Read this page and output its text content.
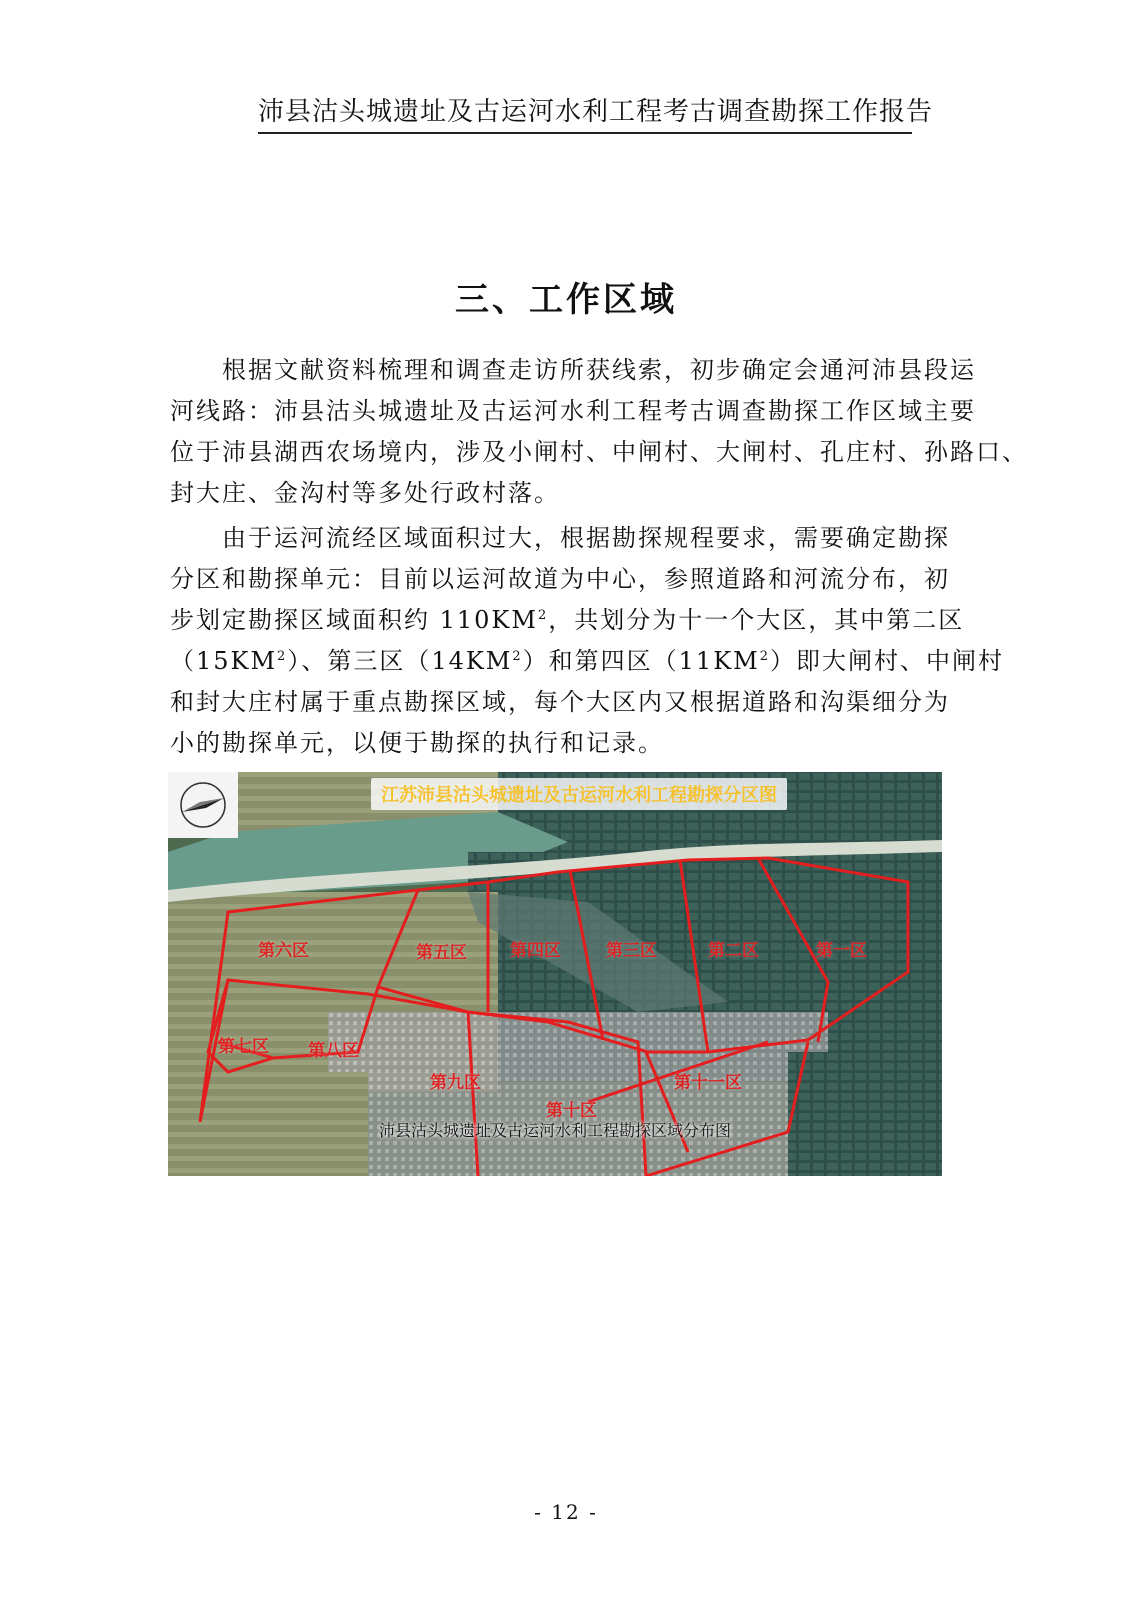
沛县沽头城遗址及古运河水利工程考古调查勘探工作报告
三、工作区域
根据文献资料梳理和调查走访所获线索，初步确定会通河沛县段运
河线路：沛县沽头城遗址及古运河水利工程考古调查勘探工作区域主要
位于沛县湖西农场境内，涉及小闸村、中闸村、大闸村、孔庄村、孙路口、
封大庄、金沟村等多处行政村落。
由于运河流经区域面积过大，根据勘探规程要求，需要确定勘探
分区和勘探单元：目前以运河故道为中心，参照道路和河流分布，初
步划定勘探区域面积约 $110KM^2$，共划分为十一个大区，其中第二区
$(15KM^2)$、第三区$(14KM^2)$和第四区$(11KM^2)$即大闸村、中闸村
和封大庄村属于重点勘探区域，每个大区内又根据道路和沟渠细分为
小的勘探单元，以便于勘探的执行和记录。
江苏沛县沽头城遗址及古运河水利工程勘探分区图
第六区	第五区	第四区	第三区	第二区	第一区
第七区 第八区
第九区
第十区
第十一区
沛县沽头城遗址及古运河水利工程勘探区域分布图
- 12 -
